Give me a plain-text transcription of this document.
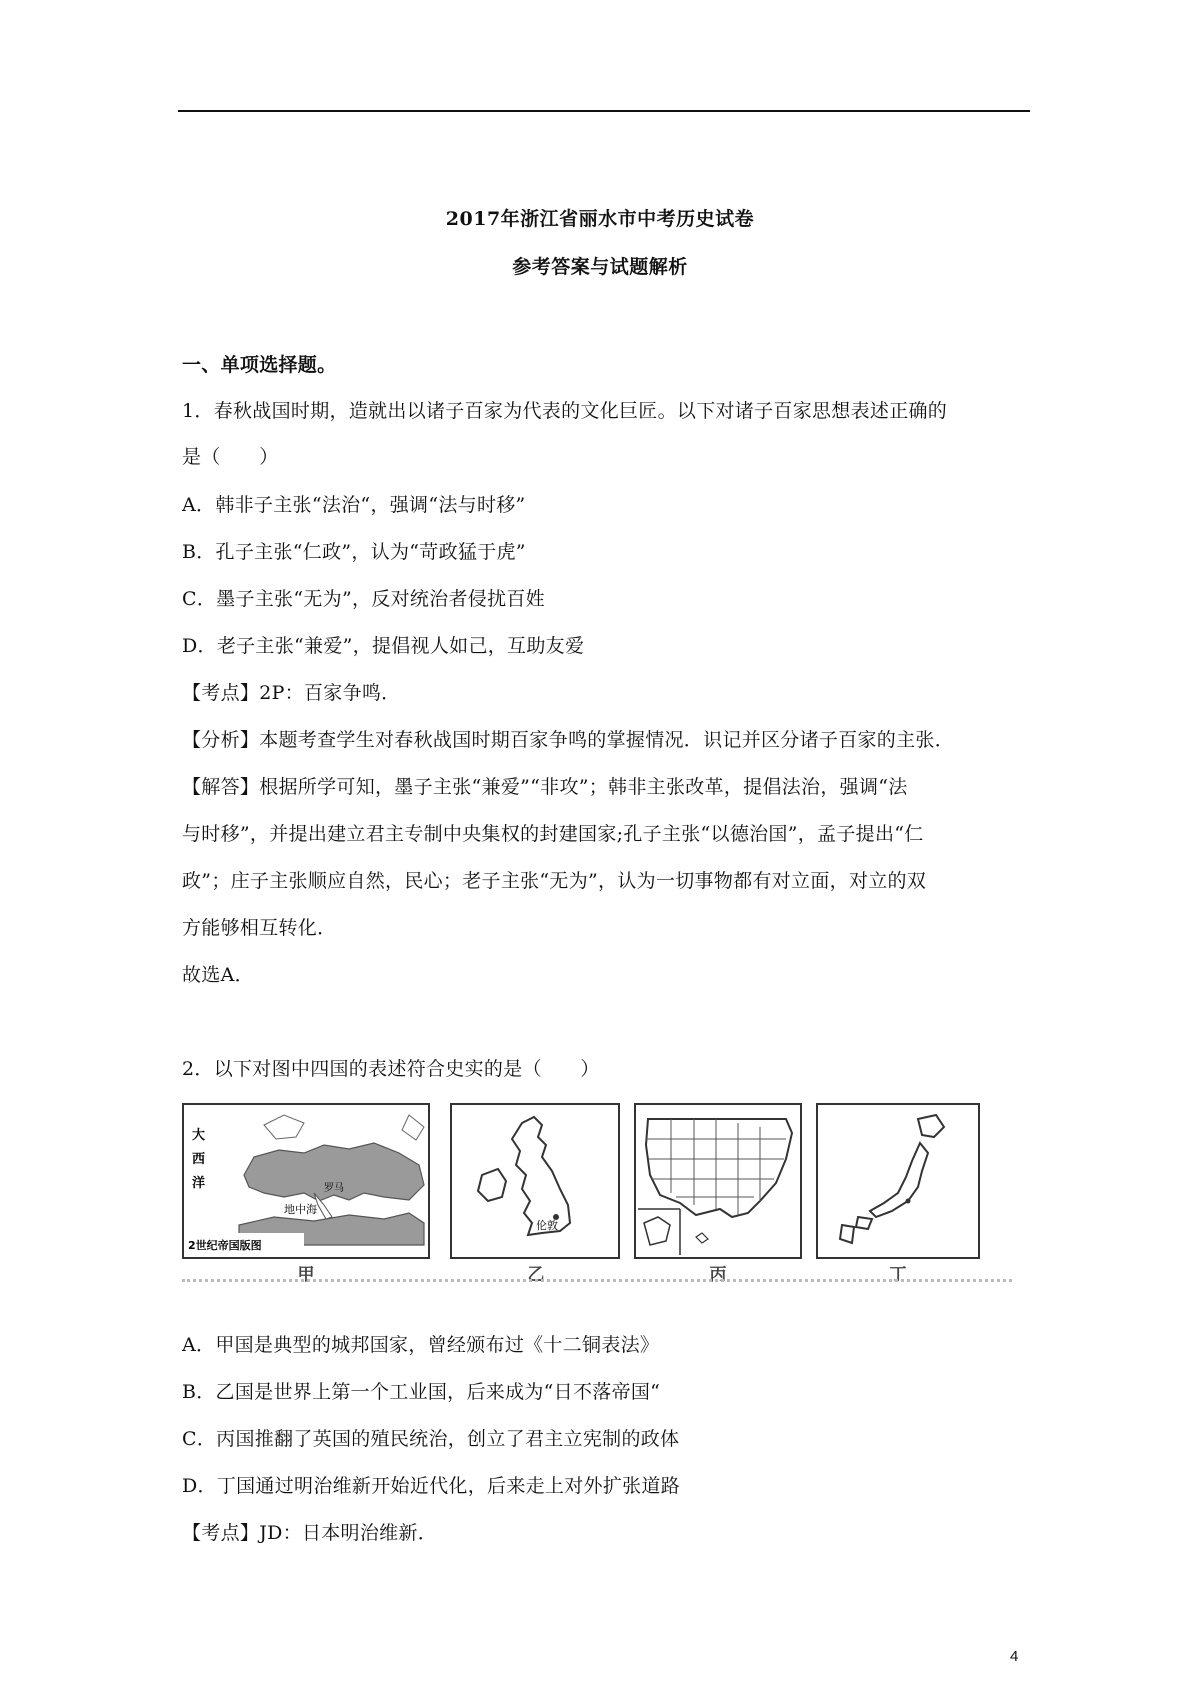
2017年浙江省丽水市中考历史试卷
参考答案与试题解析
一、单项选择题。
1．春秋战国时期，造就出以诸子百家为代表的文化巨匠。以下对诸子百家思想表述正确的
是（　　）
A．韩非子主张“法治“，强调“法与时移”
B．孔子主张“仁政”，认为“苛政猛于虎”
C．墨子主张“无为”，反对统治者侵扰百姓
D．老子主张“兼爱”，提倡视人如己，互助友爱
【考点】2P：百家争鸣．
【分析】本题考查学生对春秋战国时期百家争鸣的掌握情况．识记并区分诸子百家的主张．
【解答】根据所学可知，墨子主张“兼爱”“非攻”；韩非主张改革，提倡法治，强调“法
与时移”，并提出建立君主专制中央集权的封建国家;孔子主张“以德治国”，孟子提出“仁
政”；庄子主张顺应自然，民心；老子主张“无为”，认为一切事物都有对立面，对立的双
方能够相互转化．
故选A．
2．以下对图中四国的表述符合史实的是（　　）
大
西
洋	罗马
地中海
2世纪帝国版图
伦敦
甲	乙	丙	丁
A．甲国是典型的城邦国家，曾经颁布过《十二铜表法》
B．乙国是世界上第一个工业国，后来成为“日不落帝国“
C．丙国推翻了英国的殖民统治，创立了君主立宪制的政体
D．丁国通过明治维新开始近代化，后来走上对外扩张道路
【考点】JD：日本明治维新．
4
